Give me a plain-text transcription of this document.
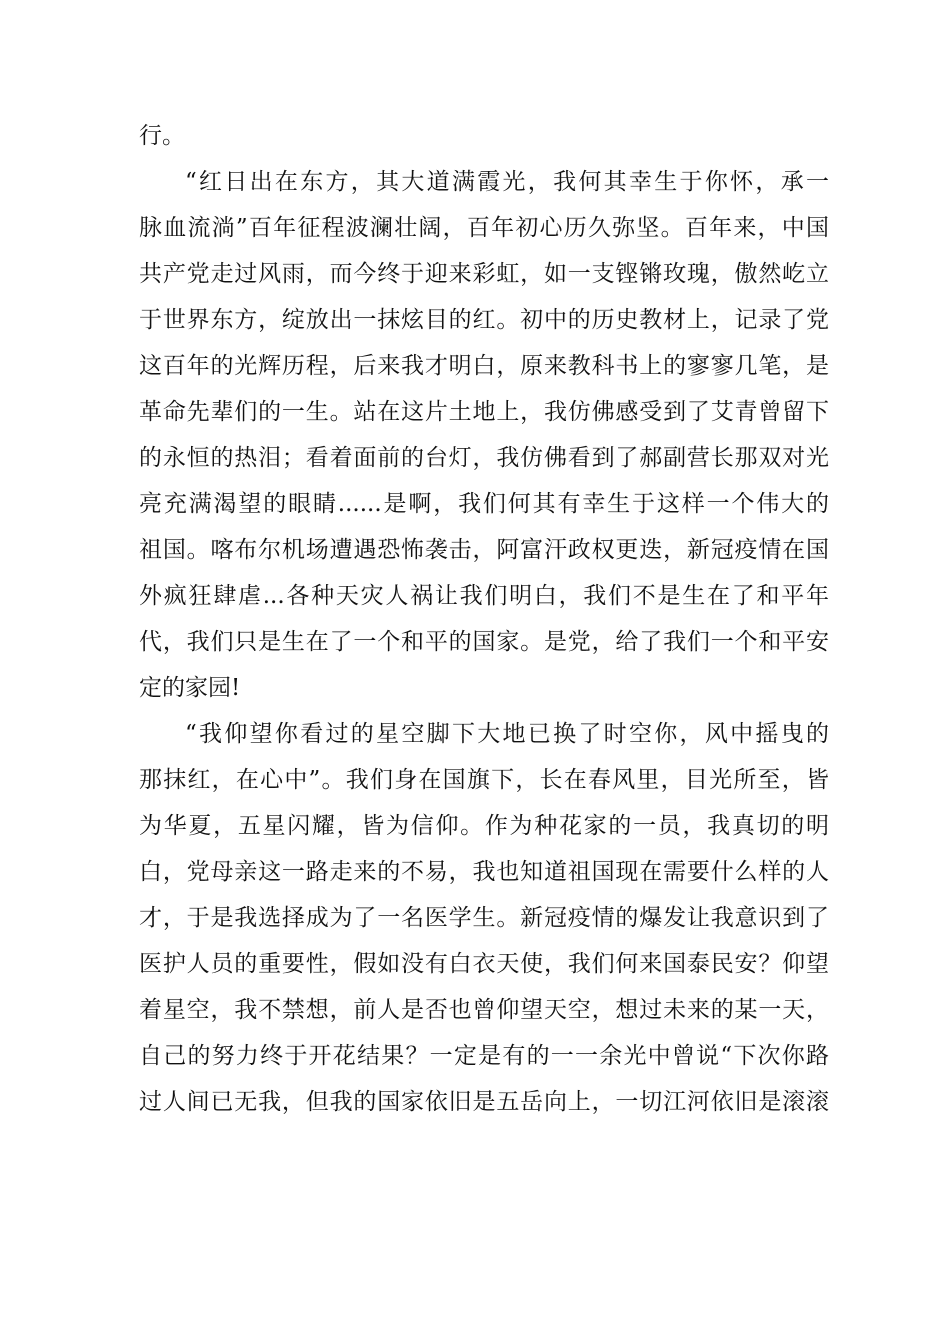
行。
“红日出在东方，其大道满霞光，我何其幸生于你怀，承一
脉血流淌”百年征程波澜壮阔，百年初心历久弥坚。百年来，中国
共产党走过风雨，而今终于迎来彩虹，如一支铿锵玫瑰，傲然屹立
于世界东方，绽放出一抹炫目的红。初中的历史教材上，记录了党
这百年的光辉历程，后来我才明白，原来教科书上的寥寥几笔，是
革命先辈们的一生。站在这片土地上，我仿佛感受到了艾青曾留下
的永恒的热泪；看着面前的台灯，我仿佛看到了郝副营长那双对光
亮充满渴望的眼睛......是啊，我们何其有幸生于这样一个伟大的
祖国。喀布尔机场遭遇恐怖袭击，阿富汗政权更迭，新冠疫情在国
外疯狂肆虐...各种天灾人祸让我们明白，我们不是生在了和平年
代，我们只是生在了一个和平的国家。是党，给了我们一个和平安
定的家园!
“我仰望你看过的星空脚下大地已换了时空你，风中摇曳的
那抹红，在心中”。我们身在国旗下，长在春风里，目光所至，皆
为华夏，五星闪耀，皆为信仰。作为种花家的一员，我真切的明
白，党母亲这一路走来的不易，我也知道祖国现在需要什么样的人
才，于是我选择成为了一名医学生。新冠疫情的爆发让我意识到了
医护人员的重要性，假如没有白衣天使，我们何来国泰民安？仰望
着星空，我不禁想，前人是否也曾仰望天空，想过未来的某一天，
自己的努力终于开花结果？一定是有的一一余光中曾说“下次你路
过人间已无我，但我的国家依旧是五岳向上，一切江河依旧是滚滚
